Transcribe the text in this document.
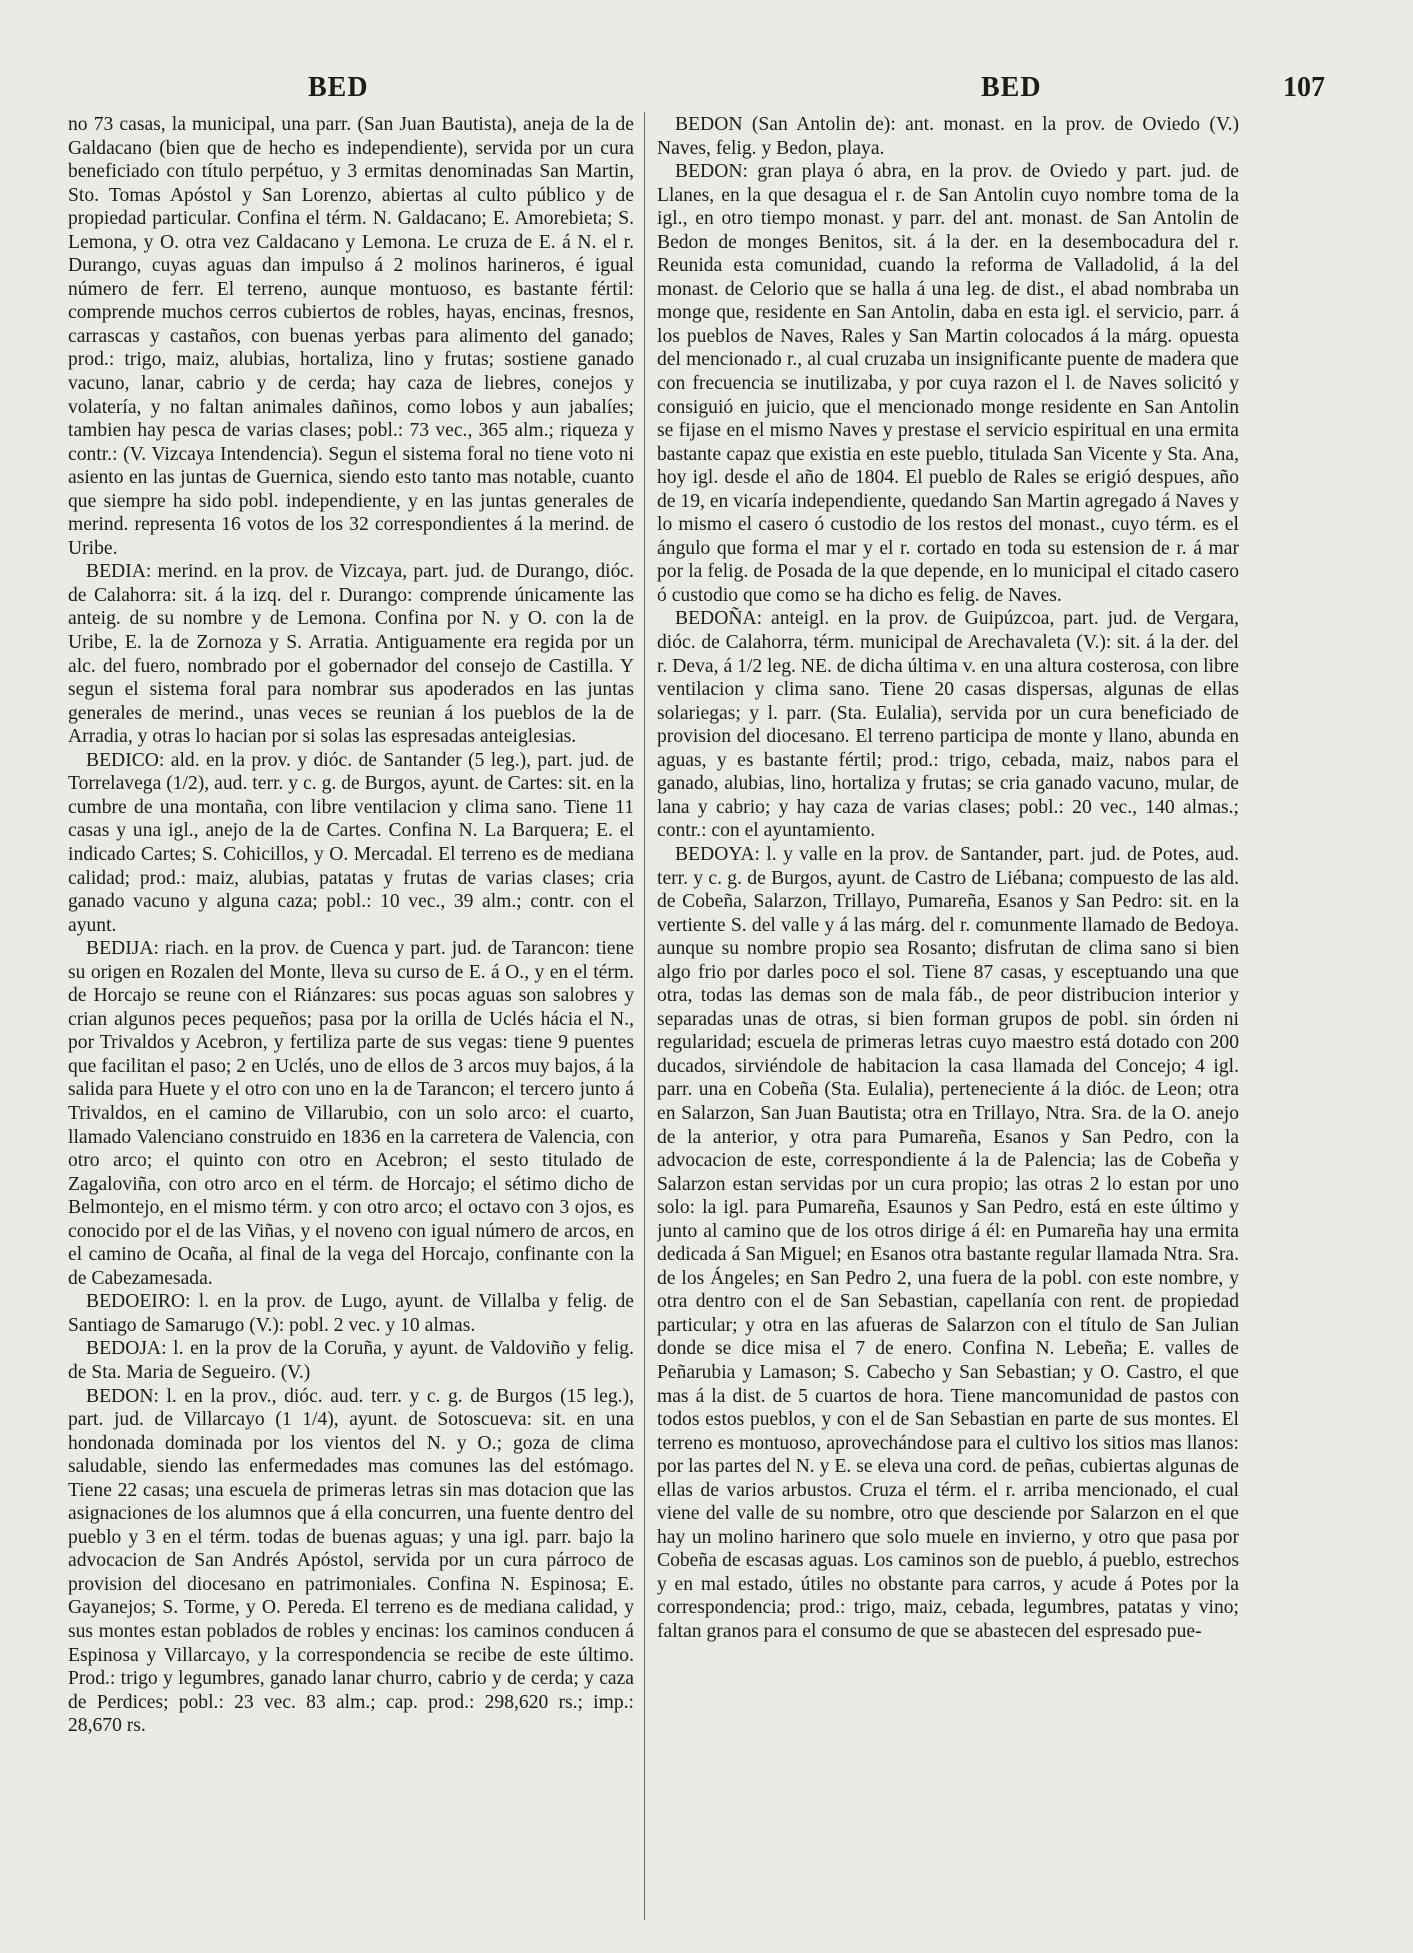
BED	BED	107

no 73 casas, la municipal, una parr. (San Juan Bautista), aneja de la de Galdacano (bien que de hecho es independiente), servida por un cura beneficiado con título perpétuo, y 3 ermitas denominadas San Martin, Sto. Tomas Apóstol y San Lorenzo, abiertas al culto público y de propiedad particular. Confina el térm. N. Galdacano; E. Amorebieta; S. Lemona, y O. otra vez Caldacano y Lemona. Le cruza de E. á N. el r. Durango, cuyas aguas dan impulso á 2 molinos harineros, é igual número de ferr. El terreno, aunque montuoso, es bastante fértil: comprende muchos cerros cubiertos de robles, hayas, encinas, fresnos, carrascas y castaños, con buenas yerbas para alimento del ganado; prod.: trigo, maiz, alubias, hortaliza, lino y frutas; sostiene ganado vacuno, lanar, cabrio y de cerda; hay caza de liebres, conejos y volatería, y no faltan animales dañinos, como lobos y aun jabalíes; tambien hay pesca de varias clases; pobl.: 73 vec., 365 alm.; riqueza y contr.: (V. Vizcaya Intendencia). Segun el sistema foral no tiene voto ni asiento en las juntas de Guernica, siendo esto tanto mas notable, cuanto que siempre ha sido pobl. independiente, y en las juntas generales de merind. representa 16 votos de los 32 correspondientes á la merind. de Uribe.

BEDIA: merind. en la prov. de Vizcaya, part. jud. de Durango, dióc. de Calahorra: sit. á la izq. del r. Durango: comprende únicamente las anteig. de su nombre y de Lemona. Confina por N. y O. con la de Uribe, E. la de Zornoza y S. Arratia. Antiguamente era regida por un alc. del fuero, nombrado por el gobernador del consejo de Castilla. Y segun el sistema foral para nombrar sus apoderados en las juntas generales de merind., unas veces se reunian á los pueblos de la de Arradia, y otras lo hacian por si solas las espresadas anteiglesias.

BEDICO: ald. en la prov. y dióc. de Santander (5 leg.), part. jud. de Torrelavega (1/2), aud. terr. y c. g. de Burgos, ayunt. de Cartes: sit. en la cumbre de una montaña, con libre ventilacion y clima sano. Tiene 11 casas y una igl., anejo de la de Cartes. Confina N. La Barquera; E. el indicado Cartes; S. Cohicillos, y O. Mercadal. El terreno es de mediana calidad; prod.: maiz, alubias, patatas y frutas de varias clases; cria ganado vacuno y alguna caza; pobl.: 10 vec., 39 alm.; contr. con el ayunt.

BEDIJA: riach. en la prov. de Cuenca y part. jud. de Tarancon: tiene su origen en Rozalen del Monte, lleva su curso de E. á O., y en el térm. de Horcajo se reune con el Riánzares: sus pocas aguas son salobres y crian algunos peces pequeños; pasa por la orilla de Uclés hácia el N., por Trivaldos y Acebron, y fertiliza parte de sus vegas: tiene 9 puentes que facilitan el paso; 2 en Uclés, uno de ellos de 3 arcos muy bajos, á la salida para Huete y el otro con uno en la de Tarancon; el tercero junto á Trivaldos, en el camino de Villarubio, con un solo arco: el cuarto, llamado Valenciano construido en 1836 en la carretera de Valencia, con otro arco; el quinto con otro en Acebron; el sesto titulado de Zagaloviña, con otro arco en el térm. de Horcajo; el sétimo dicho de Belmontejo, en el mismo térm. y con otro arco; el octavo con 3 ojos, es conocido por el de las Viñas, y el noveno con igual número de arcos, en el camino de Ocaña, al final de la vega del Horcajo, confinante con la de Cabezamesada.

BEDOEIRO: l. en la prov. de Lugo, ayunt. de Villalba y felig. de Santiago de Samarugo (V.): pobl. 2 vec. y 10 almas.

BEDOJA: l. en la prov de la Coruña, y ayunt. de Valdoviño y felig. de Sta. Maria de Segueiro. (V.)

BEDON: l. en la prov., dióc. aud. terr. y c. g. de Burgos (15 leg.), part. jud. de Villarcayo (1 1/4), ayunt. de Sotoscueva: sit. en una hondonada dominada por los vientos del N. y O.; goza de clima saludable, siendo las enfermedades mas comunes las del estómago. Tiene 22 casas; una escuela de primeras letras sin mas dotacion que las asignaciones de los alumnos que á ella concurren, una fuente dentro del pueblo y 3 en el térm. todas de buenas aguas; y una igl. parr. bajo la advocacion de San Andrés Apóstol, servida por un cura párroco de provision del diocesano en patrimoniales. Confina N. Espinosa; E. Gayanejos; S. Torme, y O. Pereda. El terreno es de mediana calidad, y sus montes estan poblados de robles y encinas: los caminos conducen á Espinosa y Villarcayo, y la correspondencia se recibe de este último. Prod.: trigo y legumbres, ganado lanar churro, cabrio y de cerda; y caza de Perdices; pobl.: 23 vec. 83 alm.; cap. prod.: 298,620 rs.; imp.: 28,670 rs.

BEDON (San Antolin de): ant. monast. en la prov. de Oviedo (V.) Naves, felig. y Bedon, playa.

BEDON: gran playa ó abra, en la prov. de Oviedo y part. jud. de Llanes, en la que desagua el r. de San Antolin cuyo nombre toma de la igl., en otro tiempo monast. y parr. del ant. monast. de San Antolin de Bedon de monges Benitos, sit. á la der. en la desembocadura del r. Reunida esta comunidad, cuando la reforma de Valladolid, á la del monast. de Celorio que se halla á una leg. de dist., el abad nombraba un monge que, residente en San Antolin, daba en esta igl. el servicio, parr. á los pueblos de Naves, Rales y San Martin colocados á la márg. opuesta del mencionado r., al cual cruzaba un insignificante puente de madera que con frecuencia se inutilizaba, y por cuya razon el l. de Naves solicitó y consiguió en juicio, que el mencionado monge residente en San Antolin se fijase en el mismo Naves y prestase el servicio espiritual en una ermita bastante capaz que existia en este pueblo, titulada San Vicente y Sta. Ana, hoy igl. desde el año de 1804. El pueblo de Rales se erigió despues, año de 19, en vicaría independiente, quedando San Martin agregado á Naves y lo mismo el casero ó custodio de los restos del monast., cuyo térm. es el ángulo que forma el mar y el r. cortado en toda su estension de r. á mar por la felig. de Posada de la que depende, en lo municipal el citado casero ó custodio que como se ha dicho es felig. de Naves.

BEDOÑA: anteigl. en la prov. de Guipúzcoa, part. jud. de Vergara, dióc. de Calahorra, térm. municipal de Arechavaleta (V.): sit. á la der. del r. Deva, á 1/2 leg. NE. de dicha última v. en una altura costerosa, con libre ventilacion y clima sano. Tiene 20 casas dispersas, algunas de ellas solariegas; y l. parr. (Sta. Eulalia), servida por un cura beneficiado de provision del diocesano. El terreno participa de monte y llano, abunda en aguas, y es bastante fértil; prod.: trigo, cebada, maiz, nabos para el ganado, alubias, lino, hortaliza y frutas; se cria ganado vacuno, mular, de lana y cabrio; y hay caza de varias clases; pobl.: 20 vec., 140 almas.; contr.: con el ayuntamiento.

BEDOYA: l. y valle en la prov. de Santander, part. jud. de Potes, aud. terr. y c. g. de Burgos, ayunt. de Castro de Liébana; compuesto de las ald. de Cobeña, Salarzon, Trillayo, Pumareña, Esanos y San Pedro: sit. en la vertiente S. del valle y á las márg. del r. comunmente llamado de Bedoya. aunque su nombre propio sea Rosanto; disfrutan de clima sano si bien algo frio por darles poco el sol. Tiene 87 casas, y esceptuando una que otra, todas las demas son de mala fáb., de peor distribucion interior y separadas unas de otras, si bien forman grupos de pobl. sin órden ni regularidad; escuela de primeras letras cuyo maestro está dotado con 200 ducados, sirviéndole de habitacion la casa llamada del Concejo; 4 igl. parr. una en Cobeña (Sta. Eulalia), perteneciente á la dióc. de Leon; otra en Salarzon, San Juan Bautista; otra en Trillayo, Ntra. Sra. de la O. anejo de la anterior, y otra para Pumareña, Esanos y San Pedro, con la advocacion de este, correspondiente á la de Palencia; las de Cobeña y Salarzon estan servidas por un cura propio; las otras 2 lo estan por uno solo: la igl. para Pumareña, Esaunos y San Pedro, está en este último y junto al camino que de los otros dirige á él: en Pumareña hay una ermita dedicada á San Miguel; en Esanos otra bastante regular llamada Ntra. Sra. de los Ángeles; en San Pedro 2, una fuera de la pobl. con este nombre, y otra dentro con el de San Sebastian, capellanía con rent. de propiedad particular; y otra en las afueras de Salarzon con el título de San Julian donde se dice misa el 7 de enero. Confina N. Lebeña; E. valles de Peñarubia y Lamason; S. Cabecho y San Sebastian; y O. Castro, el que mas á la dist. de 5 cuartos de hora. Tiene mancomunidad de pastos con todos estos pueblos, y con el de San Sebastian en parte de sus montes. El terreno es montuoso, aprovechándose para el cultivo los sitios mas llanos: por las partes del N. y E. se eleva una cord. de peñas, cubiertas algunas de ellas de varios arbustos. Cruza el térm. el r. arriba mencionado, el cual viene del valle de su nombre, otro que desciende por Salarzon en el que hay un molino harinero que solo muele en invierno, y otro que pasa por Cobeña de escasas aguas. Los caminos son de pueblo, á pueblo, estrechos y en mal estado, útiles no obstante para carros, y acude á Potes por la correspondencia; prod.: trigo, maiz, cebada, legumbres, patatas y vino; faltan granos para el consumo de que se abastecen del espresado pue-
